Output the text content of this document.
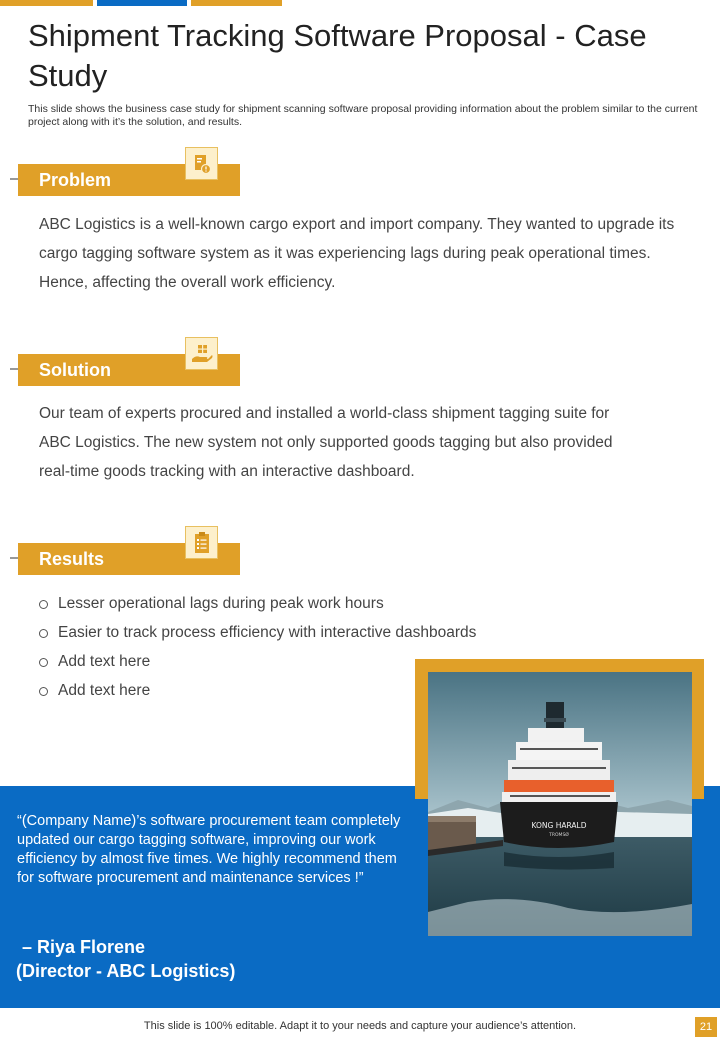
Shipment Tracking Software Proposal - Case Study

This slide shows the business case study for shipment scanning software proposal providing information about the problem similar to the current project along with it’s the solution, and results.

Problem

ABC Logistics is a well-known cargo export and import company. They wanted to upgrade its cargo tagging software system as it was experiencing lags during peak operational times. Hence, affecting the overall work efficiency.

Solution

Our team of experts procured and installed a world-class shipment tagging suite for ABC Logistics. The new system not only supported goods tagging but also provided real-time goods tracking with an interactive dashboard.

Results
Lesser operational lags during peak work hours
Easier to track process efficiency with interactive dashboards
Add text here
Add text here

“(Company Name)’s software procurement team completely updated our cargo tagging software, improving our work efficiency by almost five times. We highly recommend them for software procurement and maintenance services !”

– Riya Florene
(Director - ABC Logistics)
KONG HARALD
TROMSØ
This slide is 100% editable. Adapt it to your needs and capture your audience’s attention.	21
